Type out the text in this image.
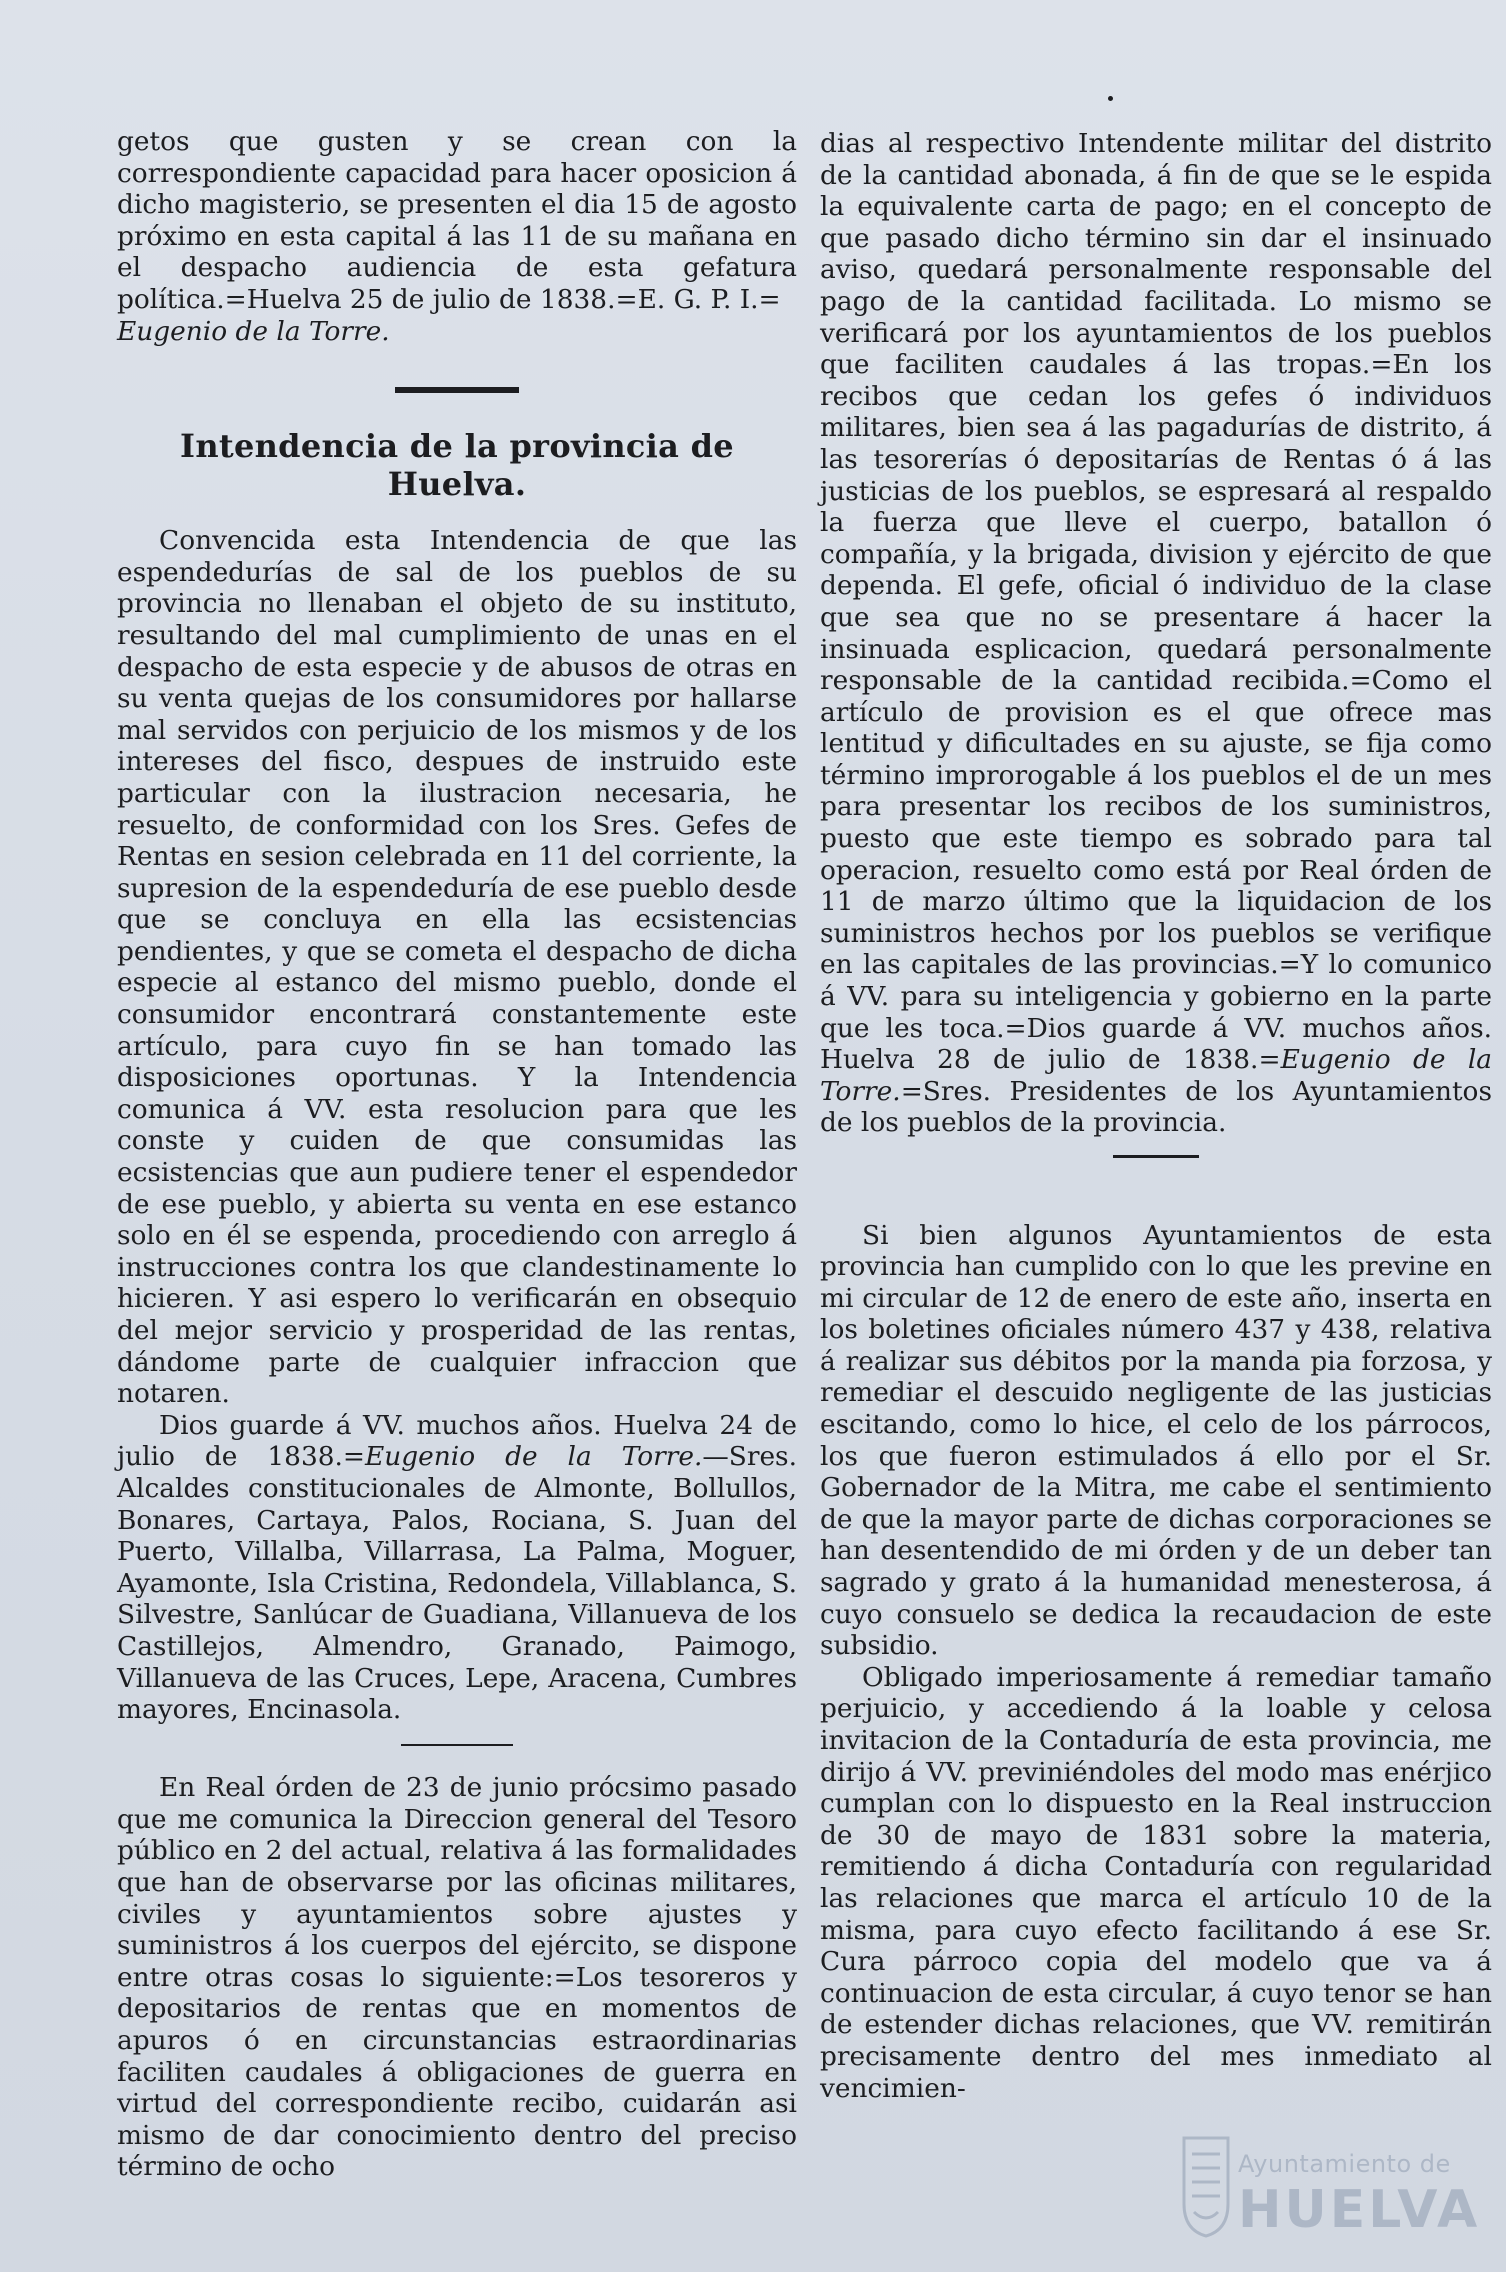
getos que gusten y se crean con la correspondiente capacidad para hacer oposicion á dicho magisterio, se presenten el dia 15 de agosto próximo en esta capital á las 11 de su mañana en el despacho audiencia de esta gefatura política.=Huelva 25 de julio de 1838.=E. G. P. I.=
Eugenio de la Torre.

Intendencia de la provincia de Huelva.

Convencida esta Intendencia de que las espendedurías de sal de los pueblos de su provincia no llenaban el objeto de su instituto, resultando del mal cumplimiento de unas en el despacho de esta especie y de abusos de otras en su venta quejas de los consumidores por hallarse mal servidos con perjuicio de los mismos y de los intereses del fisco, despues de instruido este particular con la ilustracion necesaria, he resuelto, de conformidad con los Sres. Gefes de Rentas en sesion celebrada en 11 del corriente, la supresion de la espendeduría de ese pueblo desde que se concluya en ella las ecsistencias pendientes, y que se cometa el despacho de dicha especie al estanco del mismo pueblo, donde el consumidor encontrará constantemente este artículo, para cuyo fin se han tomado las disposiciones oportunas. Y la Intendencia comunica á VV. esta resolucion para que les conste y cuiden de que consumidas las ecsistencias que aun pudiere tener el espendedor de ese pueblo, y abierta su venta en ese estanco solo en él se espenda, procediendo con arreglo á instrucciones contra los que clandestinamente lo hicieren. Y asi espero lo verificarán en obsequio del mejor servicio y prosperidad de las rentas, dándome parte de cualquier infraccion que notaren.

Dios guarde á VV. muchos años. Huelva 24 de julio de 1838.=Eugenio de la Torre.—Sres. Alcaldes constitucionales de Almonte, Bollullos, Bonares, Cartaya, Palos, Rociana, S. Juan del Puerto, Villalba, Villarrasa, La Palma, Moguer, Ayamonte, Isla Cristina, Redondela, Villablanca, S. Silvestre, Sanlúcar de Guadiana, Villanueva de los Castillejos, Almendro, Granado, Paimogo, Villanueva de las Cruces, Lepe, Aracena, Cumbres mayores, Encinasola.

En Real órden de 23 de junio prócsimo pasado que me comunica la Direccion general del Tesoro público en 2 del actual, relativa á las formalidades que han de observarse por las oficinas militares, civiles y ayuntamientos sobre ajustes y suministros á los cuerpos del ejército, se dispone entre otras cosas lo siguiente:=Los tesoreros y depositarios de rentas que en momentos de apuros ó en circunstancias estraordinarias faciliten caudales á obligaciones de guerra en virtud del correspondiente recibo, cuidarán asi mismo de dar conocimiento dentro del preciso término de ocho

dias al respectivo Intendente militar del distrito de la cantidad abonada, á fin de que se le espida la equivalente carta de pago; en el concepto de que pasado dicho término sin dar el insinuado aviso, quedará personalmente responsable del pago de la cantidad facilitada. Lo mismo se verificará por los ayuntamientos de los pueblos que faciliten caudales á las tropas.=En los recibos que cedan los gefes ó individuos militares, bien sea á las pagadurías de distrito, á las tesorerías ó depositarías de Rentas ó á las justicias de los pueblos, se espresará al respaldo la fuerza que lleve el cuerpo, batallon ó compañía, y la brigada, division y ejército de que dependa. El gefe, oficial ó individuo de la clase que sea que no se presentare á hacer la insinuada esplicacion, quedará personalmente responsable de la cantidad recibida.=Como el artículo de provision es el que ofrece mas lentitud y dificultades en su ajuste, se fija como término improrogable á los pueblos el de un mes para presentar los recibos de los suministros, puesto que este tiempo es sobrado para tal operacion, resuelto como está por Real órden de 11 de marzo último que la liquidacion de los suministros hechos por los pueblos se verifique en las capitales de las provincias.=Y lo comunico á VV. para su inteligencia y gobierno en la parte que les toca.=Dios guarde á VV. muchos años. Huelva 28 de julio de 1838.=Eugenio de la Torre.=Sres. Presidentes de los Ayuntamientos de los pueblos de la provincia.

Si bien algunos Ayuntamientos de esta provincia han cumplido con lo que les previne en mi circular de 12 de enero de este año, inserta en los boletines oficiales número 437 y 438, relativa á realizar sus débitos por la manda pia forzosa, y remediar el descuido negligente de las justicias escitando, como lo hice, el celo de los párrocos, los que fueron estimulados á ello por el Sr. Gobernador de la Mitra, me cabe el sentimiento de que la mayor parte de dichas corporaciones se han desentendido de mi órden y de un deber tan sagrado y grato á la humanidad menesterosa, á cuyo consuelo se dedica la recaudacion de este subsidio.

Obligado imperiosamente á remediar tamaño perjuicio, y accediendo á la loable y celosa invitacion de la Contaduría de esta provincia, me dirijo á VV. previniéndoles del modo mas enérjico cumplan con lo dispuesto en la Real instruccion de 30 de mayo de 1831 sobre la materia, remitiendo á dicha Contaduría con regularidad las relaciones que marca el artículo 10 de la misma, para cuyo efecto facilitando á ese Sr. Cura párroco copia del modelo que va á continuacion de esta circular, á cuyo tenor se han de estender dichas relaciones, que VV. remitirán precisamente dentro del mes inmediato al vencimien-

Ayuntamiento de
HUELVA
